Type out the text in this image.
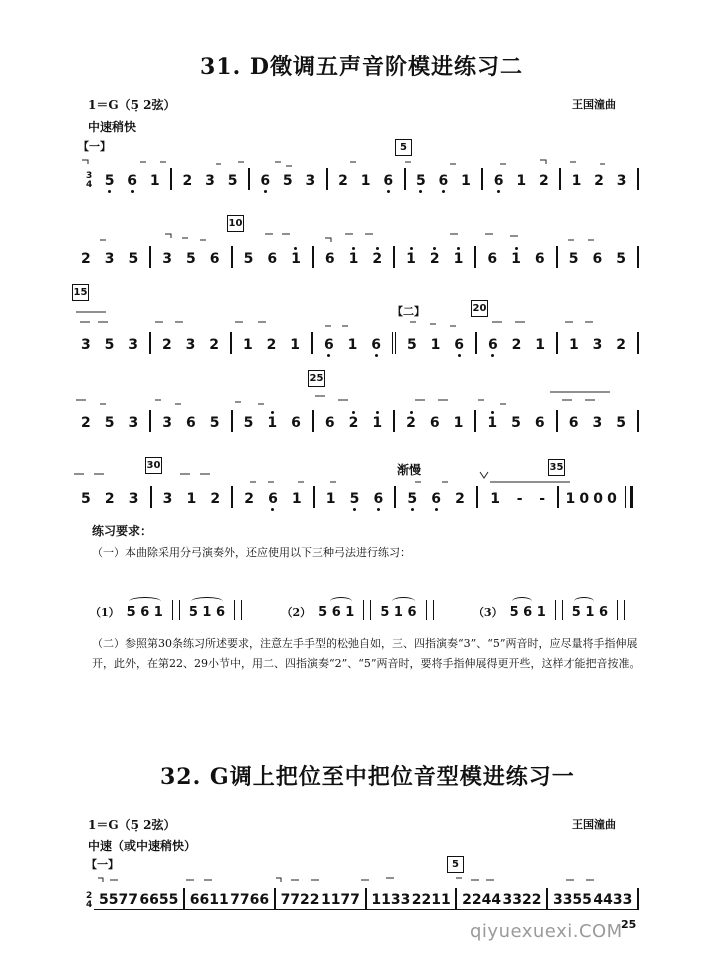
31. D徵调五声音阶模进练习二
1＝G（5̣ 2弦）	王国潼曲
中速稍快
【一】	5
10
15
20
25
30	35
【二】
渐慢
3
4 5 6 1 2 3 5 6 5 3 2 1 6 5 6 1 6 1 2 1 2 3
2 3 5 3 5 6 5 6 1 6 1 2 1 2 1 6 1 6 5 6 5
3 5 3 2 3 2 1 2 1 6 1 6 5 1 6 6 2 1 1 3 2
2 5 3 3 6 5 5 1 6 6 2 1 2 6 1 1 5 6 6 3 5
5 2 3 3 1 2 2 6 1 1 5 6 5 6 2 1 - - 1 0 0 0
练习要求：
（一）本曲除采用分弓演奏外，还应使用以下三种弓法进行练习：
（1） 5 6 1 5 1 6	（2） 5 6 1 5 1 6	（3） 5 6 1 5 1 6
（二）参照第30条练习所述要求，注意左手手型的松弛自如，三、四指演奏“3”、“5”两音时，应尽量将手指伸展开，此外，在第22、29小节中，用二、四指演奏“2”、“5”两音时，要将手指伸展得更开些，这样才能把音按准。
32. G调上把位至中把位音型模进练习一
1＝G（5̣ 2弦）	王国潼曲
中速（或中速稍快）
【一】	5
2
4 5577 6655 6611 7766 7722 1177 1133 2211 2244 3322 3355 4433
25
qiyuexuexi.COM
